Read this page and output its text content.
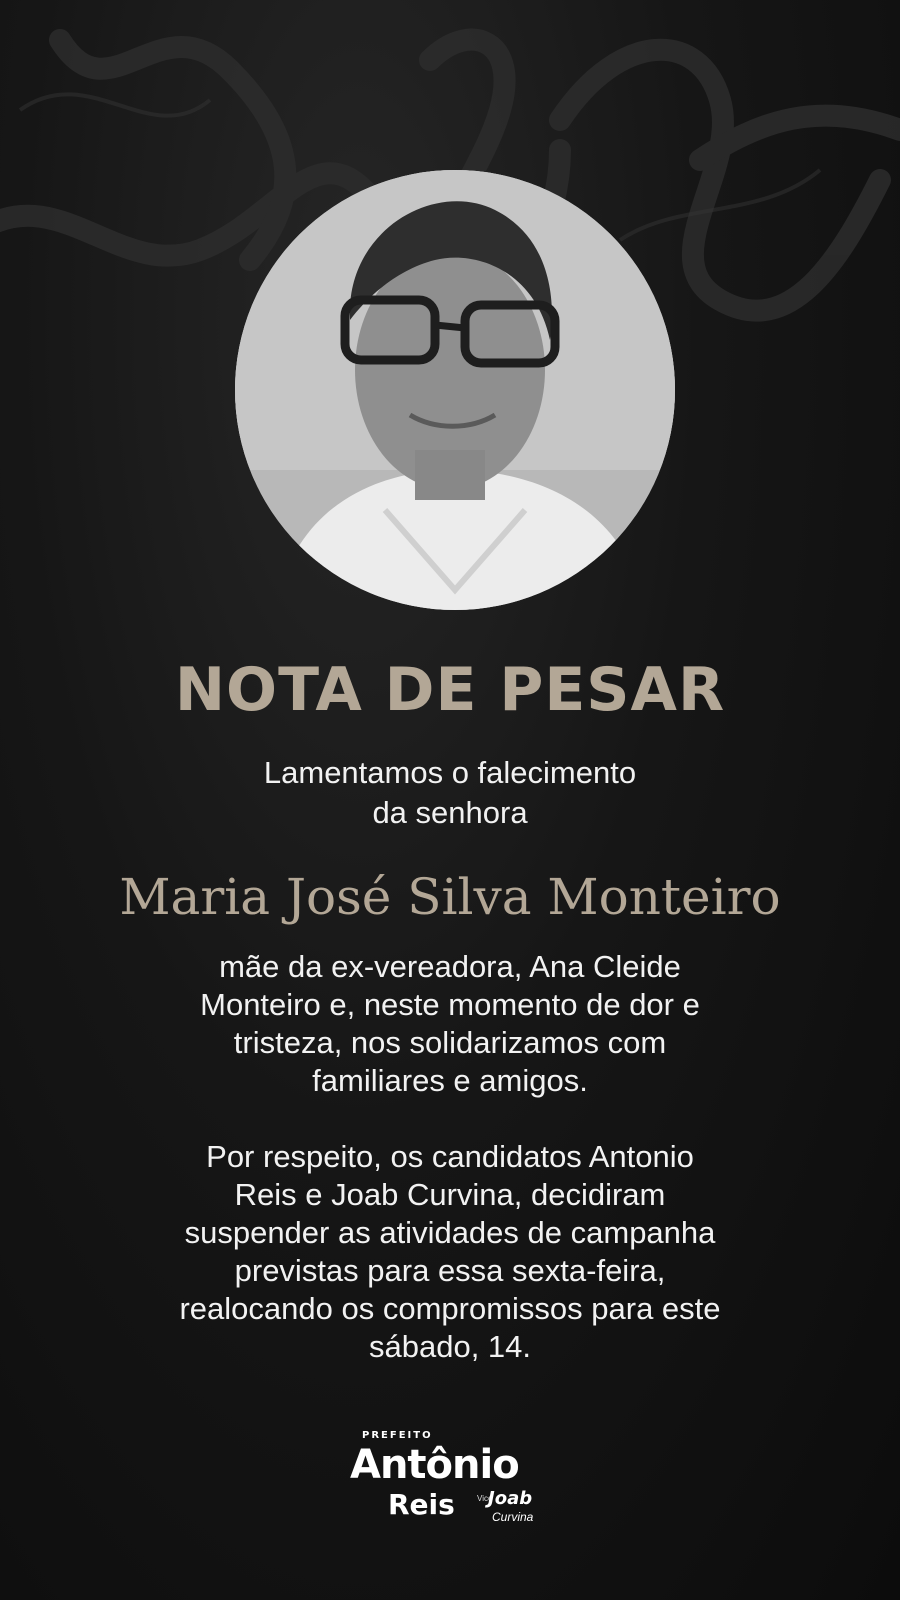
NOTA DE PESAR
Lamentamos o falecimento
da senhora
Maria José Silva Monteiro
mãe da ex-vereadora, Ana Cleide
Monteiro e, neste momento de dor e
tristeza, nos solidarizamos com
familiares e amigos.
Por respeito, os candidatos Antonio
Reis e Joab Curvina, decidiram
suspender as atividades de campanha
previstas para essa sexta-feira,
realocando os compromissos para este
sábado, 14.
PREFEITO
Antônio
Reis	Vice
Joab
Curvina
